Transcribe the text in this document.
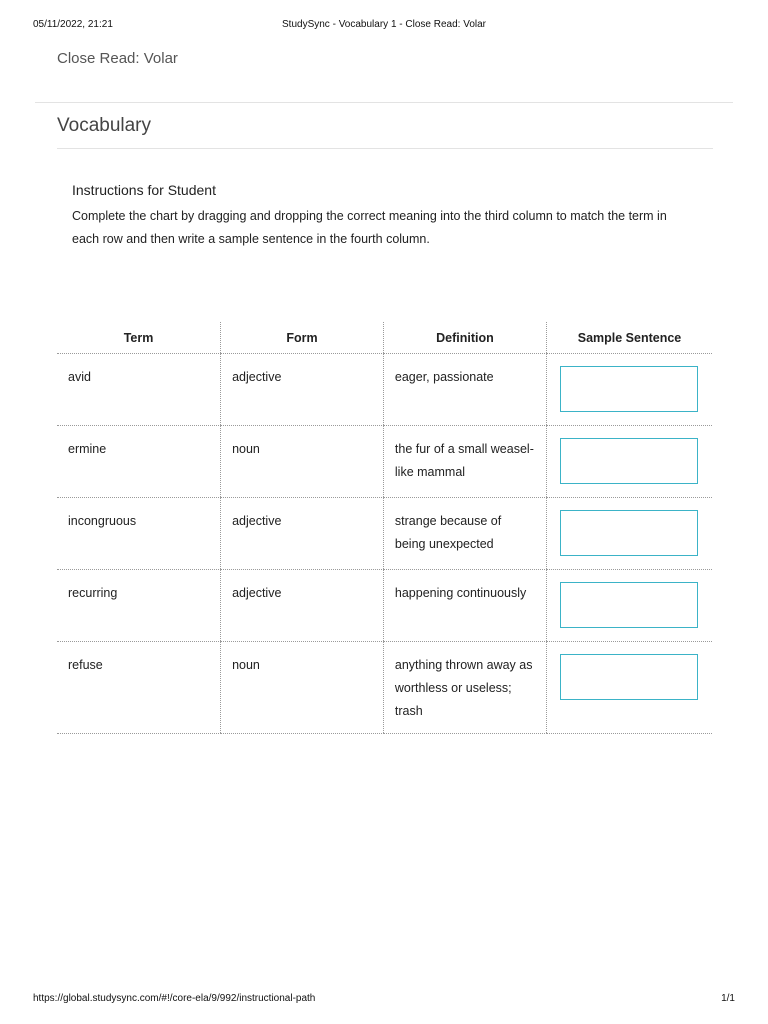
05/11/2022, 21:21	StudySync - Vocabulary 1 - Close Read: Volar
Close Read: Volar
Vocabulary
Instructions for Student
Complete the chart by dragging and dropping the correct meaning into the third column to match the term in each row and then write a sample sentence in the fourth column.
Term	Form	Definition	Sample Sentence

avid	adjective	eager, passionate	

ermine	noun	the fur of a small weasel-like mammal	

incongruous	adjective	strange because of being unexpected	

recurring	adjective	happening continuously	

refuse	noun	anything thrown away as worthless or useless; trash	

https://global.studysync.com/#!/core-ela/9/992/instructional-path	1/1
